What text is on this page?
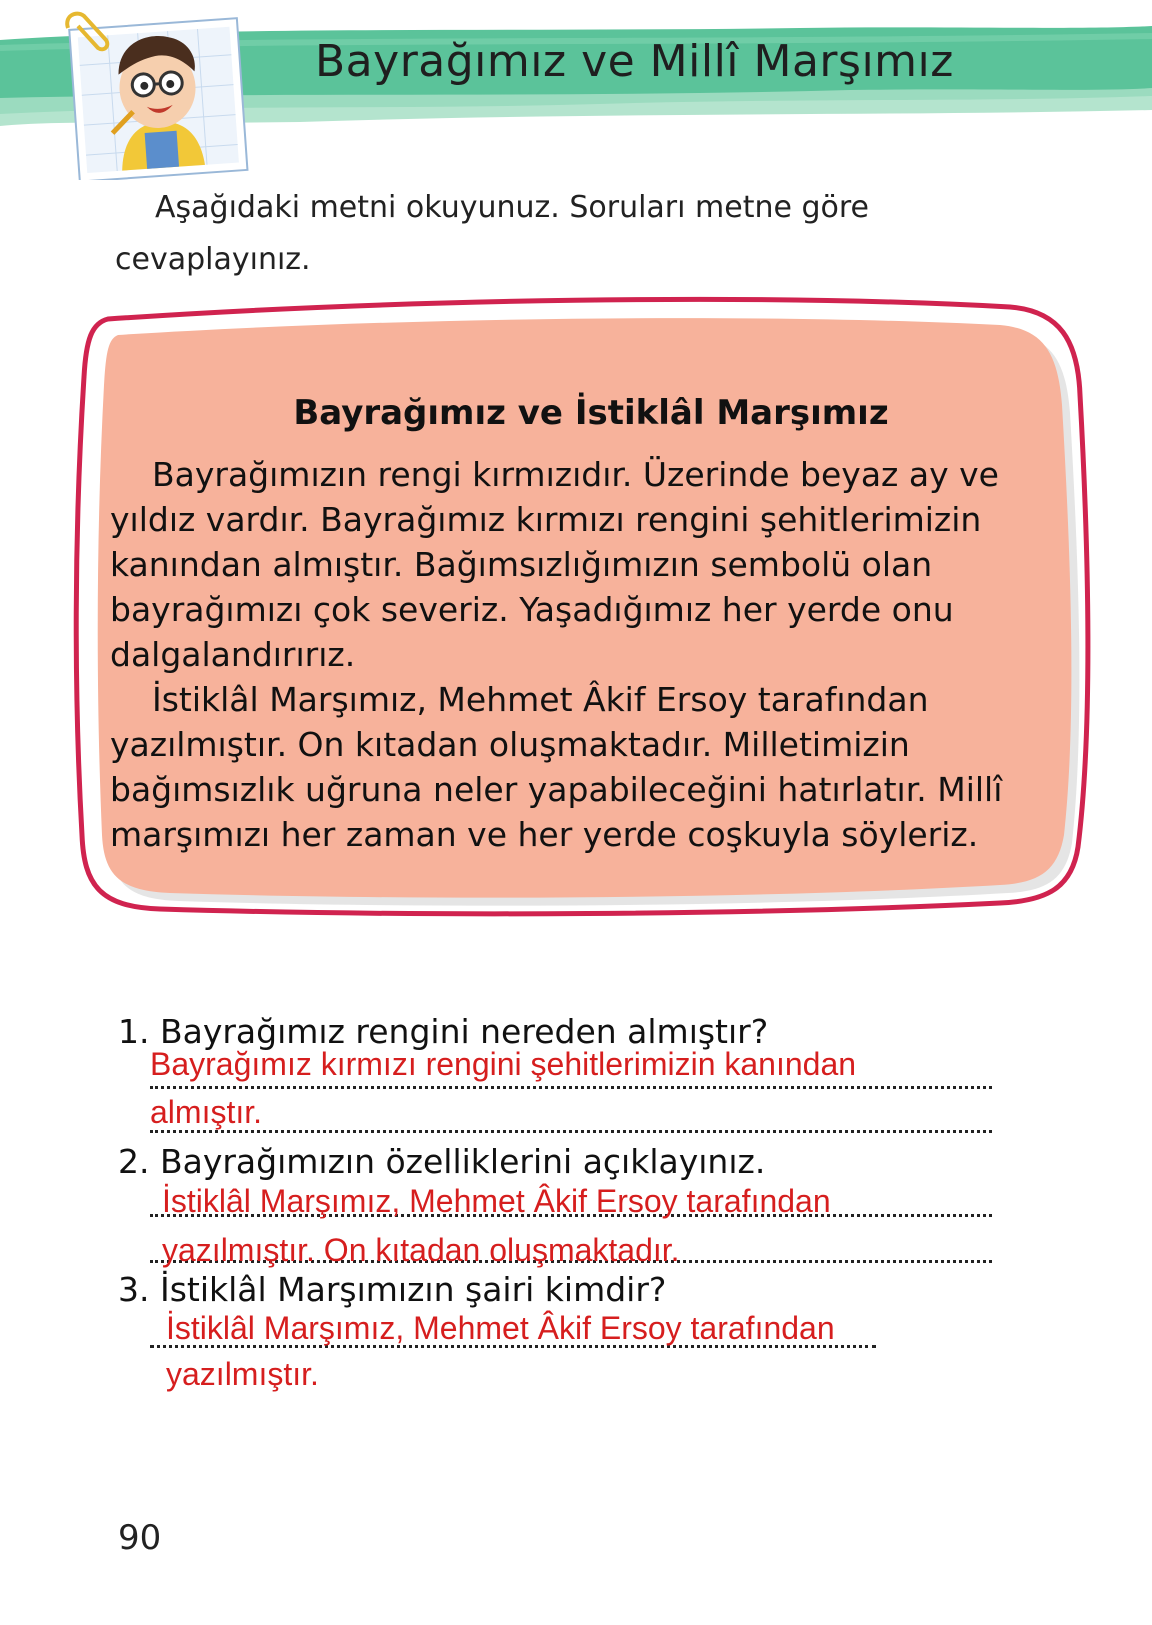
Bayrağımız ve Millî Marşımız
Aşağıdaki metni okuyunuz. Soruları metne göre cevaplayınız.
Bayrağımız ve İstiklâl Marşımız

Bayrağımızın rengi kırmızıdır. Üzerinde beyaz ay ve yıldız vardır. Bayrağımız kırmızı rengini şehitlerimizin kanından almıştır. Bağımsızlığımızın sembolü olan bayrağımızı çok severiz. Yaşadığımız her yerde onu dalgalandırırız.

İstiklâl Marşımız, Mehmet Âkif Ersoy tarafından yazılmıştır. On kıtadan oluşmaktadır. Milletimizin bağımsızlık uğruna neler yapabileceğini hatırlatır. Millî marşımızı her zaman ve her yerde coşkuyla söyleriz.

1. Bayrağımız rengini nereden almıştır?
Bayrağımız kırmızı rengini şehitlerimizin kanından
almıştır.
2. Bayrağımızın özelliklerini açıklayınız.
İstiklâl Marşımız, Mehmet Âkif Ersoy tarafından
yazılmıştır. On kıtadan oluşmaktadır.
3. İstiklâl Marşımızın şairi kimdir?
İstiklâl Marşımız, Mehmet Âkif Ersoy tarafından
yazılmıştır.
90
